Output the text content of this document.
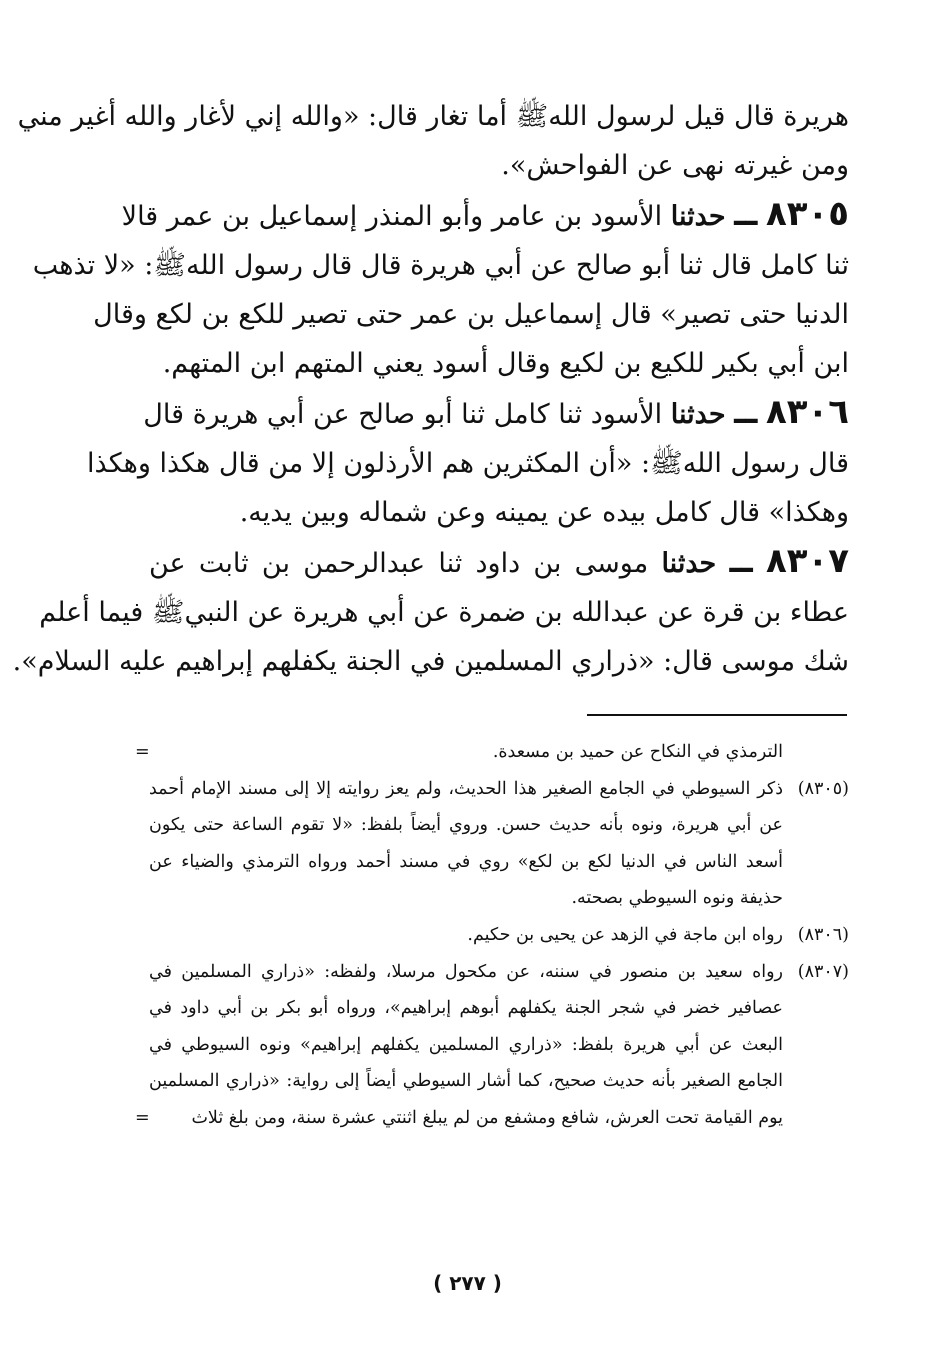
هريرة قال قيل لرسول اللهﷺ أما تغار قال: «والله إني لأغار والله أغير مني
ومن غيرته نهى عن الفواحش».
٨٣٠٥ ــ حدثنا الأسود بن عامر وأبو المنذر إسماعيل بن عمر قالا
ثنا كامل قال ثنا أبو صالح عن أبي هريرة قال قال رسول اللهﷺ: «لا تذهب
الدنيا حتى تصير» قال إسماعيل بن عمر حتى تصير للكع بن لكع وقال
ابن أبي بكير للكيع بن لكيع وقال أسود يعني المتهم ابن المتهم.
٨٣٠٦ ــ حدثنا الأسود ثنا كامل ثنا أبو صالح عن أبي هريرة قال
قال رسول اللهﷺ: «أن المكثرين هم الأرذلون إلا من قال هكذا وهكذا
وهكذا» قال كامل بيده عن يمينه وعن شماله وبين يديه.
٨٣٠٧ ــ حدثنا موسى بن داود ثنا عبدالرحمن بن ثابت عن
عطاء بن قرة عن عبدالله بن ضمرة عن أبي هريرة عن النبيﷺ فيما أعلم
شك موسى قال: «ذراري المسلمين في الجنة يكفلهم إبراهيم عليه السلام».
الترمذي في النكاح عن حميد بن مسعدة.
=
(٨٣٠٥)ذكر السيوطي في الجامع الصغير هذا الحديث، ولم يعز روايته إلا إلى مسند الإمام أحمد
عن أبي هريرة، ونوه بأنه حديث حسن. وروي أيضاً بلفظ: «لا تقوم الساعة حتى يكون
أسعد الناس في الدنيا لكع بن لكع» روي في مسند أحمد ورواه الترمذي والضياء عن
حذيفة ونوه السيوطي بصحته.
(٨٣٠٦)رواه ابن ماجة في الزهد عن يحيى بن حكيم.
(٨٣٠٧)رواه سعيد بن منصور في سننه، عن مكحول مرسلا، ولفظه: «ذراري المسلمين في
عصافير خضر في شجر الجنة يكفلهم أبوهم إبراهيم»، ورواه أبو بكر بن أبي داود في
البعث عن أبي هريرة بلفظ: «ذراري المسلمين يكفلهم إبراهيم» ونوه السيوطي في
الجامع الصغير بأنه حديث صحيح، كما أشار السيوطي أيضاً إلى رواية: «ذراري المسلمين
يوم القيامة تحت العرش، شافع ومشفع من لم يبلغ اثنتي عشرة سنة، ومن بلغ ثلاث
=
( ٢٧٧ )
